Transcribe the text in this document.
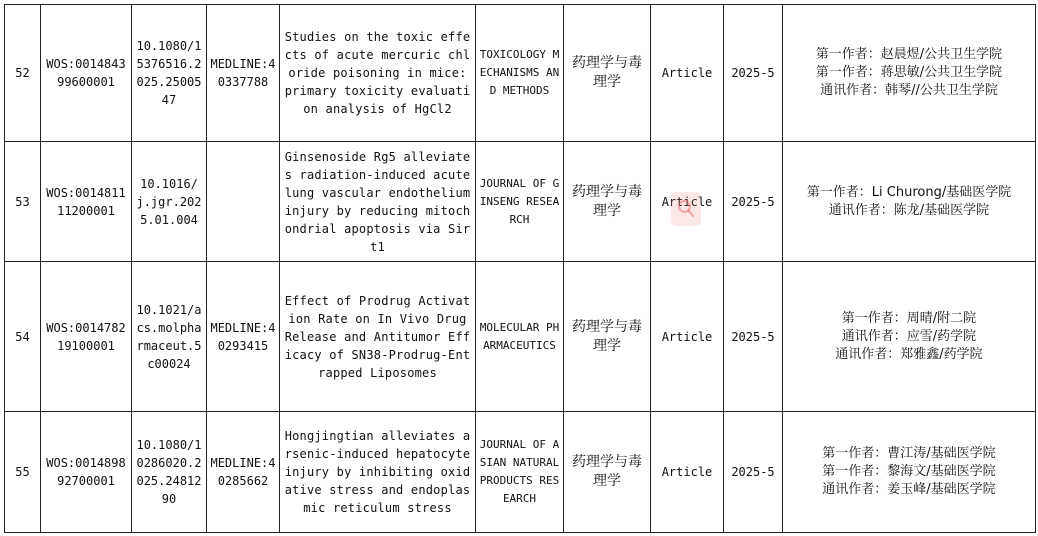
52	WOS:001484399600001	10.1080/15376516.2025.2500547	MEDLINE:40337788	Studies on the toxic effects of acute mercuric chloride poisoning in mice: primary toxicity evaluation analysis of HgCl2	TOXICOLOGY MECHANISMS AND METHODS	药理学与毒理学	Article	2025-5	第一作者：赵晨煜/公共卫生学院
第一作者：蒋思敏/公共卫生学院
通讯作者：韩琴//公共卫生学院

53	WOS:001481111200001	10.1016/j.jgr.2025.01.004		Ginsenoside Rg5 alleviates radiation-induced acute lung vascular endothelium injury by reducing mitochondrial apoptosis via Sirt1	JOURNAL OF GINSENG RESEARCH	药理学与毒理学	Article	2025-5	第一作者：Li Churong/基础医学院
通讯作者：陈龙/基础医学院

54	WOS:001478219100001	10.1021/acs.molpharmaceut.5c00024	MEDLINE:40293415	Effect of Prodrug Activation Rate on In Vivo Drug Release and Antitumor Efficacy of SN38-Prodrug-Entrapped Liposomes	MOLECULAR PHARMACEUTICS	药理学与毒理学	Article	2025-5	第一作者：周晴/附二院
通讯作者：应雪/药学院
通讯作者：郑雅鑫/药学院

55	WOS:001489892700001	10.1080/10286020.2025.2481290	MEDLINE:40285662	Hongjingtian alleviates arsenic-induced hepatocyte injury by inhibiting oxidative stress and endoplasmic reticulum stress	JOURNAL OF ASIAN NATURAL PRODUCTS RESEARCH	药理学与毒理学	Article	2025-5	第一作者：曹江涛/基础医学院
第一作者：黎海文/基础医学院
通讯作者：姜玉峰/基础医学院
